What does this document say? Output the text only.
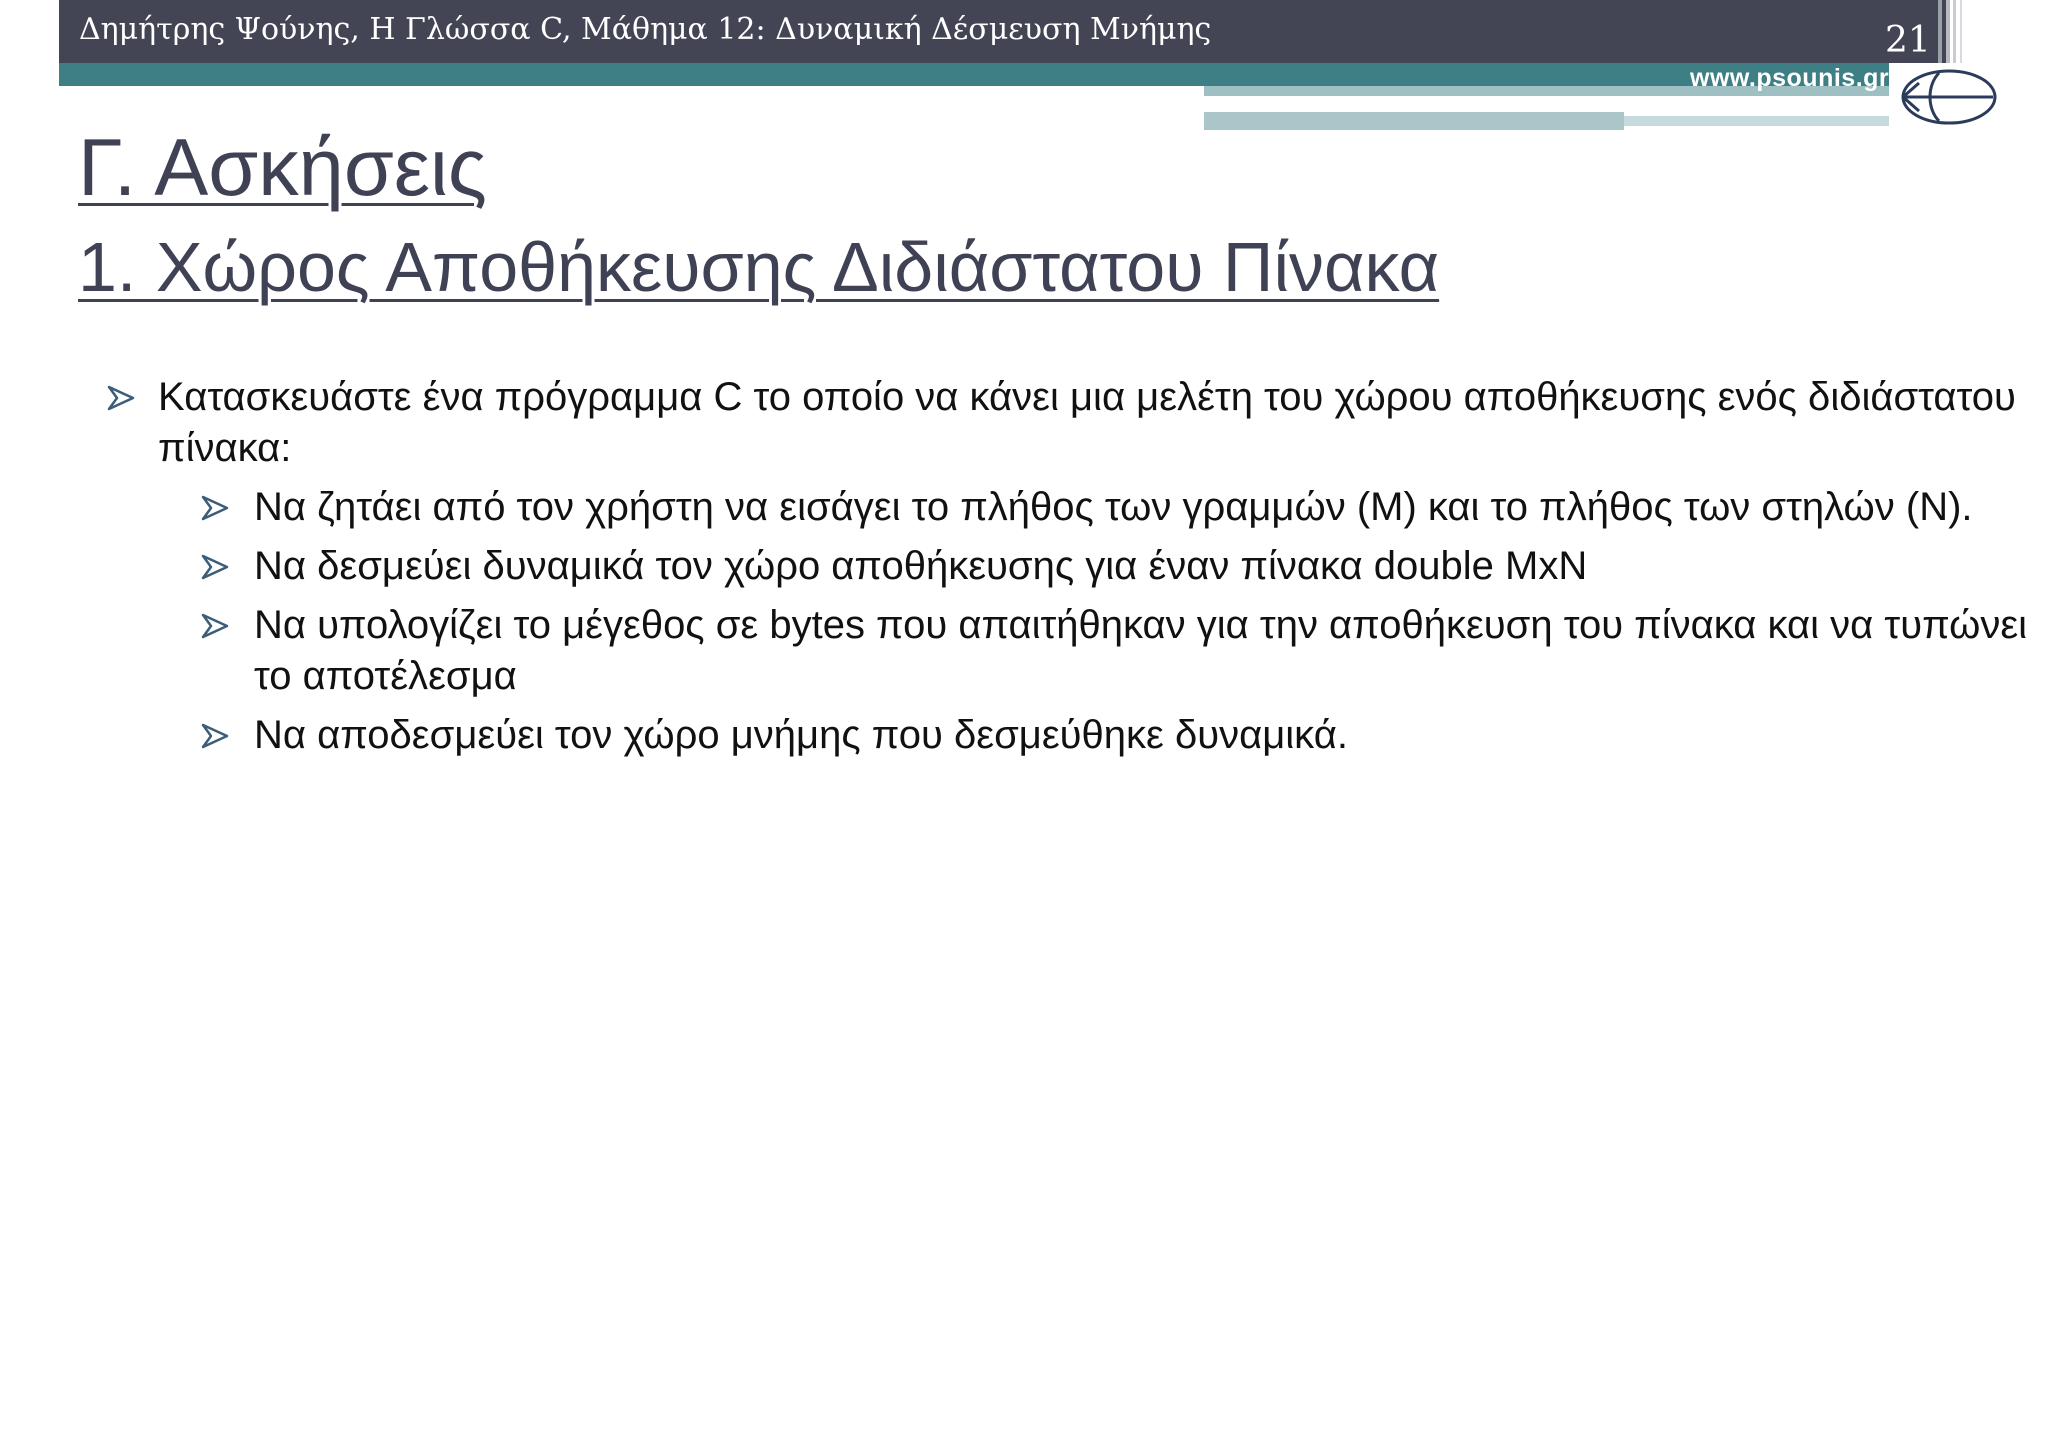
Δημήτρης Ψούνης, Η Γλώσσα C, Μάθημα 12: Δυναμική Δέσμευση Μνήμης	21
www.psounis.gr
Γ. Ασκήσεις
1. Χώρος Αποθήκευσης Διδιάστατου Πίνακα
Κατασκευάστε ένα πρόγραμμα C το οποίο να κάνει μια μελέτη του χώρου αποθήκευσης ενός διδιάστατου πίνακα:
Να ζητάει από τον χρήστη να εισάγει το πλήθος των γραμμών (M) και το πλήθος των στηλών (N).
Να δεσμεύει δυναμικά τον χώρο αποθήκευσης για έναν πίνακα double MxN
Να υπολογίζει το μέγεθος σε bytes που απαιτήθηκαν για την αποθήκευση του πίνακα και να τυπώνει το αποτέλεσμα
Να αποδεσμεύει τον χώρο μνήμης που δεσμεύθηκε δυναμικά.
